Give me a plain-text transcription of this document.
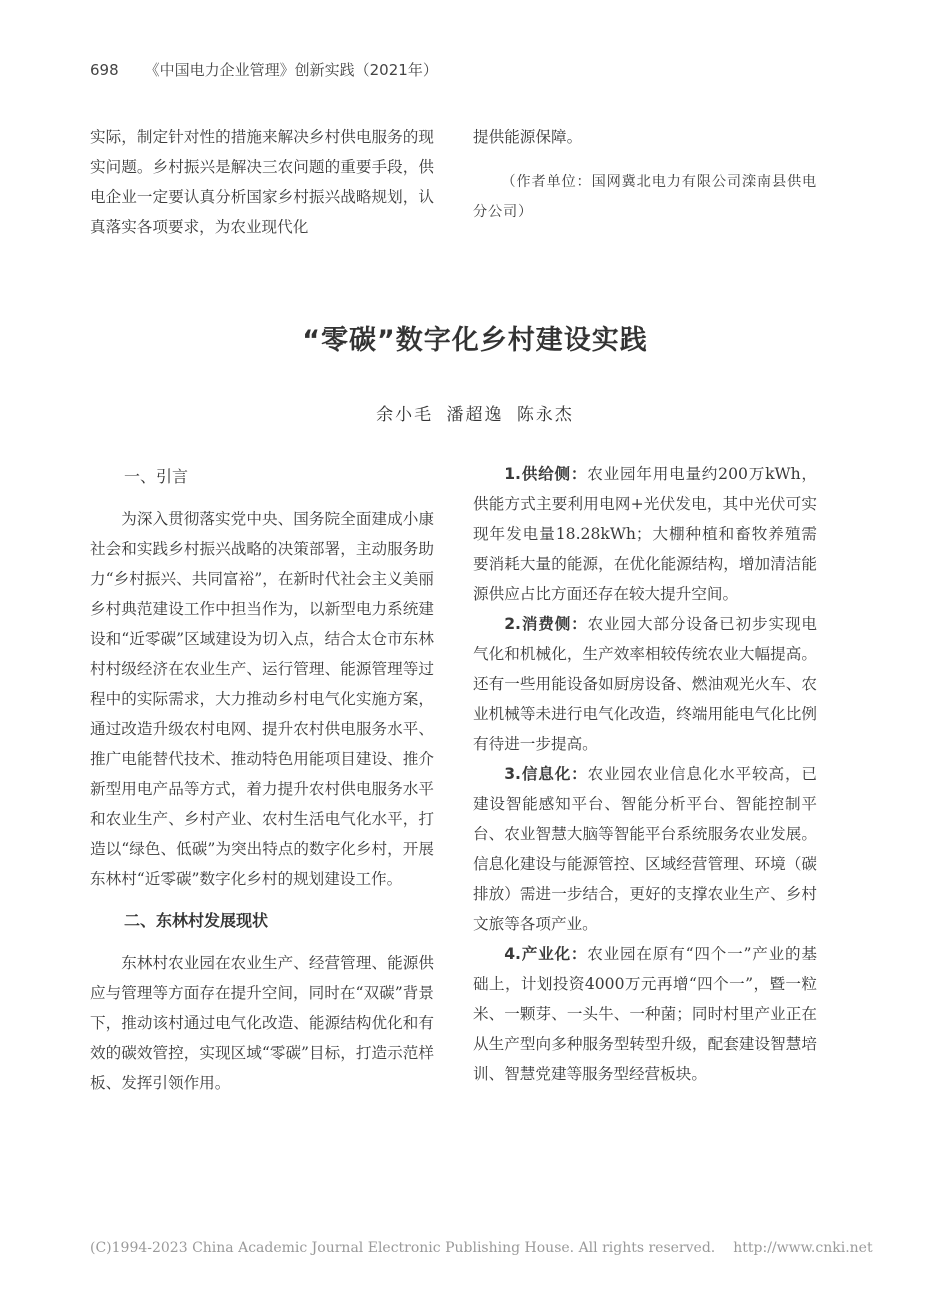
698 《中国电力企业管理》创新实践（2021年）

实际，制定针对性的措施来解决乡村供电服务的现实问题。乡村振兴是解决三农问题的重要手段，供电企业一定要认真分析国家乡村振兴战略规划，认真落实各项要求，为农业现代化

提供能源保障。

（作者单位：国网冀北电力有限公司滦南县供电分公司）

“零碳”数字化乡村建设实践
余小毛 潘超逸 陈永杰
一、引言

为深入贯彻落实党中央、国务院全面建成小康社会和实践乡村振兴战略的决策部署，主动服务助力“乡村振兴、共同富裕”，在新时代社会主义美丽乡村典范建设工作中担当作为，以新型电力系统建设和“近零碳”区域建设为切入点，结合太仓市东林村村级经济在农业生产、运行管理、能源管理等过程中的实际需求，大力推动乡村电气化实施方案，通过改造升级农村电网、提升农村供电服务水平、推广电能替代技术、推动特色用能项目建设、推介新型用电产品等方式，着力提升农村供电服务水平和农业生产、乡村产业、农村生活电气化水平，打造以“绿色、低碳”为突出特点的数字化乡村，开展东林村“近零碳”数字化乡村的规划建设工作。

二、东林村发展现状

东林村农业园在农业生产、经营管理、能源供应与管理等方面存在提升空间，同时在“双碳”背景下，推动该村通过电气化改造、能源结构优化和有效的碳效管控，实现区域“零碳”目标，打造示范样板、发挥引领作用。

1.供给侧：农业园年用电量约200万kWh，供能方式主要利用电网+光伏发电，其中光伏可实现年发电量18.28kWh；大棚种植和畜牧养殖需要消耗大量的能源，在优化能源结构，增加清洁能源供应占比方面还存在较大提升空间。

2.消费侧：农业园大部分设备已初步实现电气化和机械化，生产效率相较传统农业大幅提高。还有一些用能设备如厨房设备、燃油观光火车、农业机械等未进行电气化改造，终端用能电气化比例有待进一步提高。

3.信息化：农业园农业信息化水平较高，已建设智能感知平台、智能分析平台、智能控制平台、农业智慧大脑等智能平台系统服务农业发展。信息化建设与能源管控、区域经营管理、环境（碳排放）需进一步结合，更好的支撑农业生产、乡村文旅等各项产业。

4.产业化：农业园在原有“四个一”产业的基础上，计划投资4000万元再增“四个一”，暨一粒米、一颗芽、一头牛、一种菌；同时村里产业正在从生产型向多种服务型转型升级，配套建设智慧培训、智慧党建等服务型经营板块。

(C)1994-2023 China Academic Journal Electronic Publishing House. All rights reserved. http://www.cnki.net
